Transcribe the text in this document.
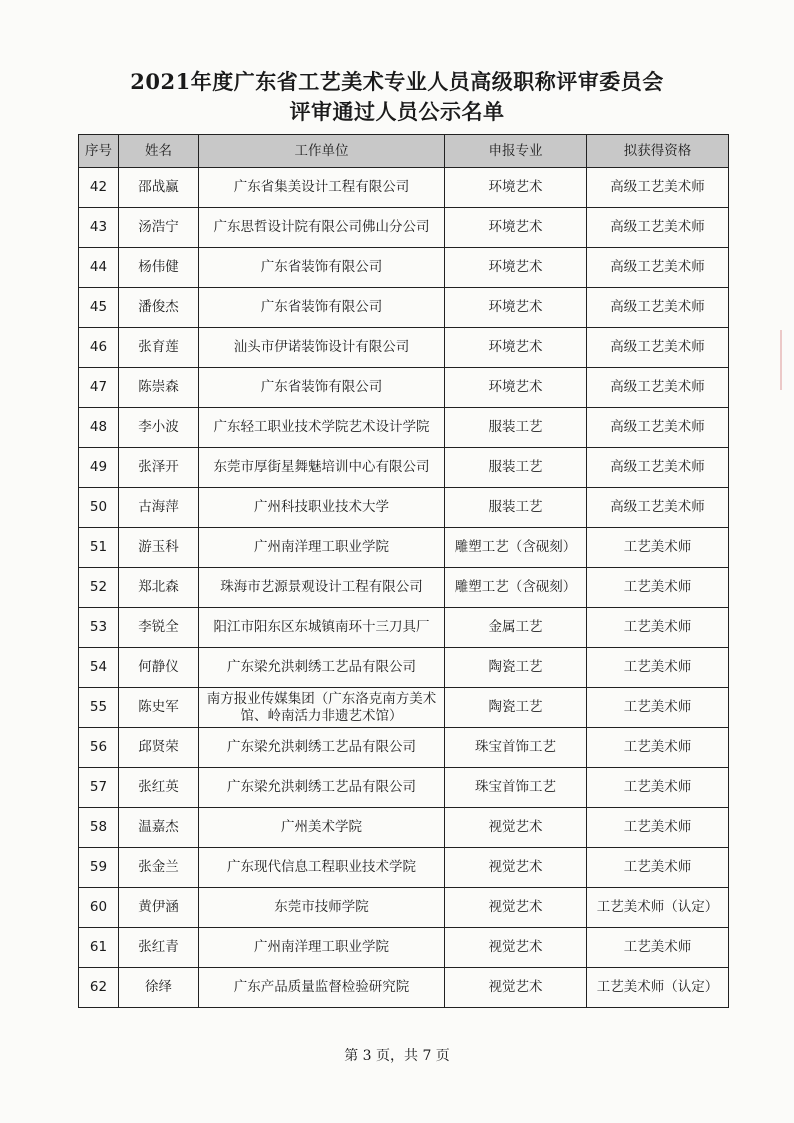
2021年度广东省工艺美术专业人员高级职称评审委员会
评审通过人员公示名单
序号	姓名	工作单位	申报专业	拟获得资格
42	邵战赢	广东省集美设计工程有限公司	环境艺术	高级工艺美术师
43	汤浩宁	广东思哲设计院有限公司佛山分公司	环境艺术	高级工艺美术师
44	杨伟健	广东省装饰有限公司	环境艺术	高级工艺美术师
45	潘俊杰	广东省装饰有限公司	环境艺术	高级工艺美术师
46	张育莲	汕头市伊诺装饰设计有限公司	环境艺术	高级工艺美术师
47	陈崇森	广东省装饰有限公司	环境艺术	高级工艺美术师
48	李小波	广东轻工职业技术学院艺术设计学院	服装工艺	高级工艺美术师
49	张泽开	东莞市厚街星舞魅培训中心有限公司	服装工艺	高级工艺美术师
50	古海萍	广州科技职业技术大学	服装工艺	高级工艺美术师
51	游玉科	广州南洋理工职业学院	雕塑工艺（含砚刻）	工艺美术师
52	郑北森	珠海市艺源景观设计工程有限公司	雕塑工艺（含砚刻）	工艺美术师
53	李锐全	阳江市阳东区东城镇南环十三刀具厂	金属工艺	工艺美术师
54	何静仪	广东梁允洪刺绣工艺品有限公司	陶瓷工艺	工艺美术师
55	陈史军	南方报业传媒集团（广东洛克南方美术馆、岭南活力非遗艺术馆）	陶瓷工艺	工艺美术师
56	邱贤荣	广东梁允洪刺绣工艺品有限公司	珠宝首饰工艺	工艺美术师
57	张红英	广东梁允洪刺绣工艺品有限公司	珠宝首饰工艺	工艺美术师
58	温嘉杰	广州美术学院	视觉艺术	工艺美术师
59	张金兰	广东现代信息工程职业技术学院	视觉艺术	工艺美术师
60	黄伊涵	东莞市技师学院	视觉艺术	工艺美术师（认定）
61	张红青	广州南洋理工职业学院	视觉艺术	工艺美术师
62	徐绎	广东产品质量监督检验研究院	视觉艺术	工艺美术师（认定）
第 3 页，共 7 页
